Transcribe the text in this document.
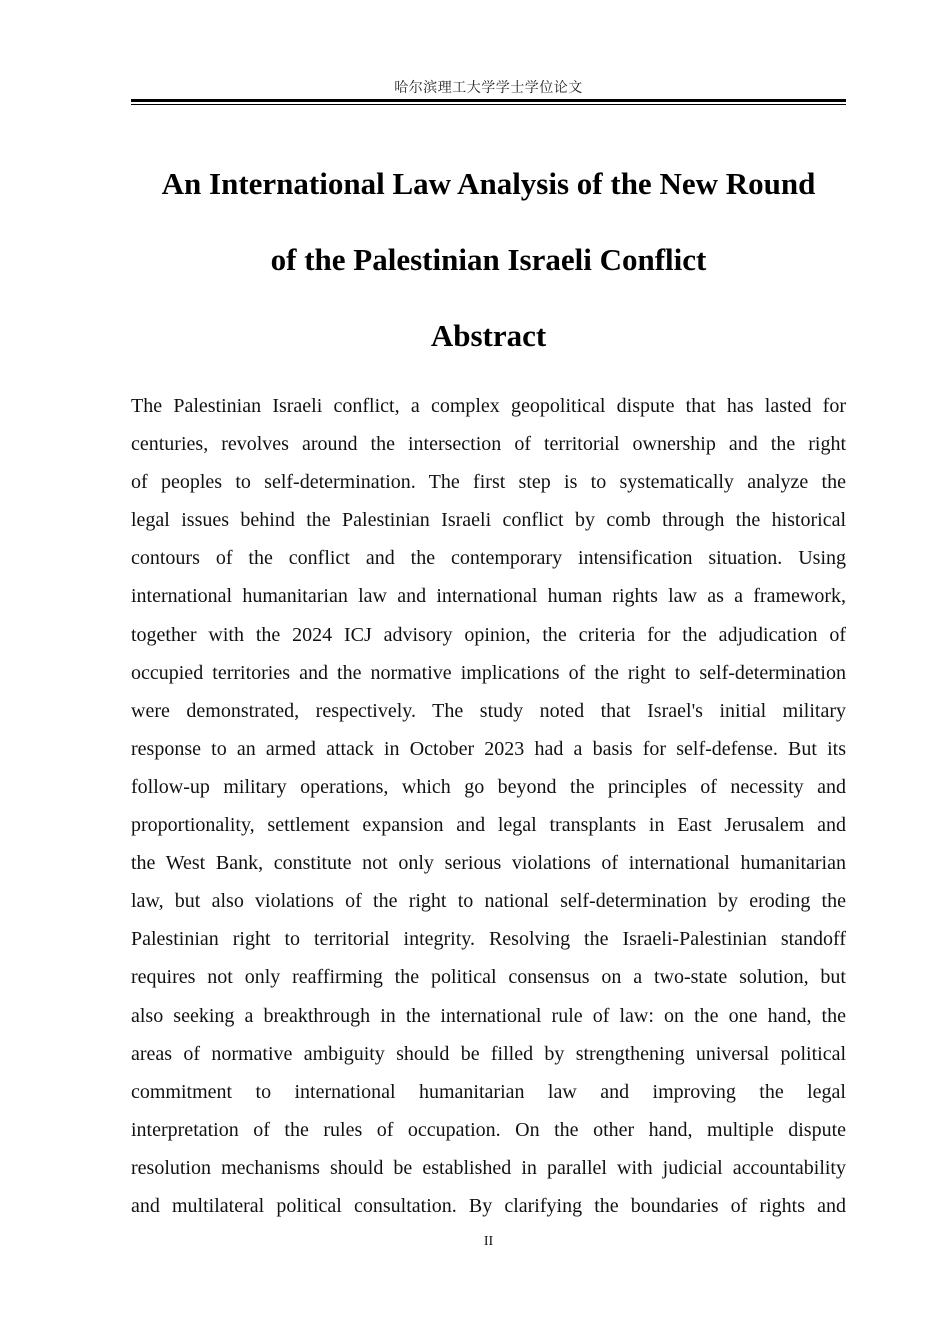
哈尔滨理工大学学士学位论文
An International Law Analysis of the New Round
of the Palestinian Israeli Conflict
Abstract
The Palestinian Israeli conflict, a complex geopolitical dispute that has lasted for
centuries, revolves around the intersection of territorial ownership and the right
of peoples to self-determination. The first step is to systematically analyze the
legal issues behind the Palestinian Israeli conflict by comb through the historical
contours of the conflict and the contemporary intensification situation. Using
international humanitarian law and international human rights law as a framework,
together with the 2024 ICJ advisory opinion, the criteria for the adjudication of
occupied territories and the normative implications of the right to self-determination
were demonstrated, respectively. The study noted that Israel's initial military
response to an armed attack in October 2023 had a basis for self-defense. But its
follow-up military operations, which go beyond the principles of necessity and
proportionality, settlement expansion and legal transplants in East Jerusalem and
the West Bank, constitute not only serious violations of international humanitarian
law, but also violations of the right to national self-determination by eroding the
Palestinian right to territorial integrity. Resolving the Israeli-Palestinian standoff
requires not only reaffirming the political consensus on a two-state solution, but
also seeking a breakthrough in the international rule of law: on the one hand, the
areas of normative ambiguity should be filled by strengthening universal political
commitment to international humanitarian law and improving the legal
interpretation of the rules of occupation. On the other hand, multiple dispute
resolution mechanisms should be established in parallel with judicial accountability
and multilateral political consultation. By clarifying the boundaries of rights and
II
